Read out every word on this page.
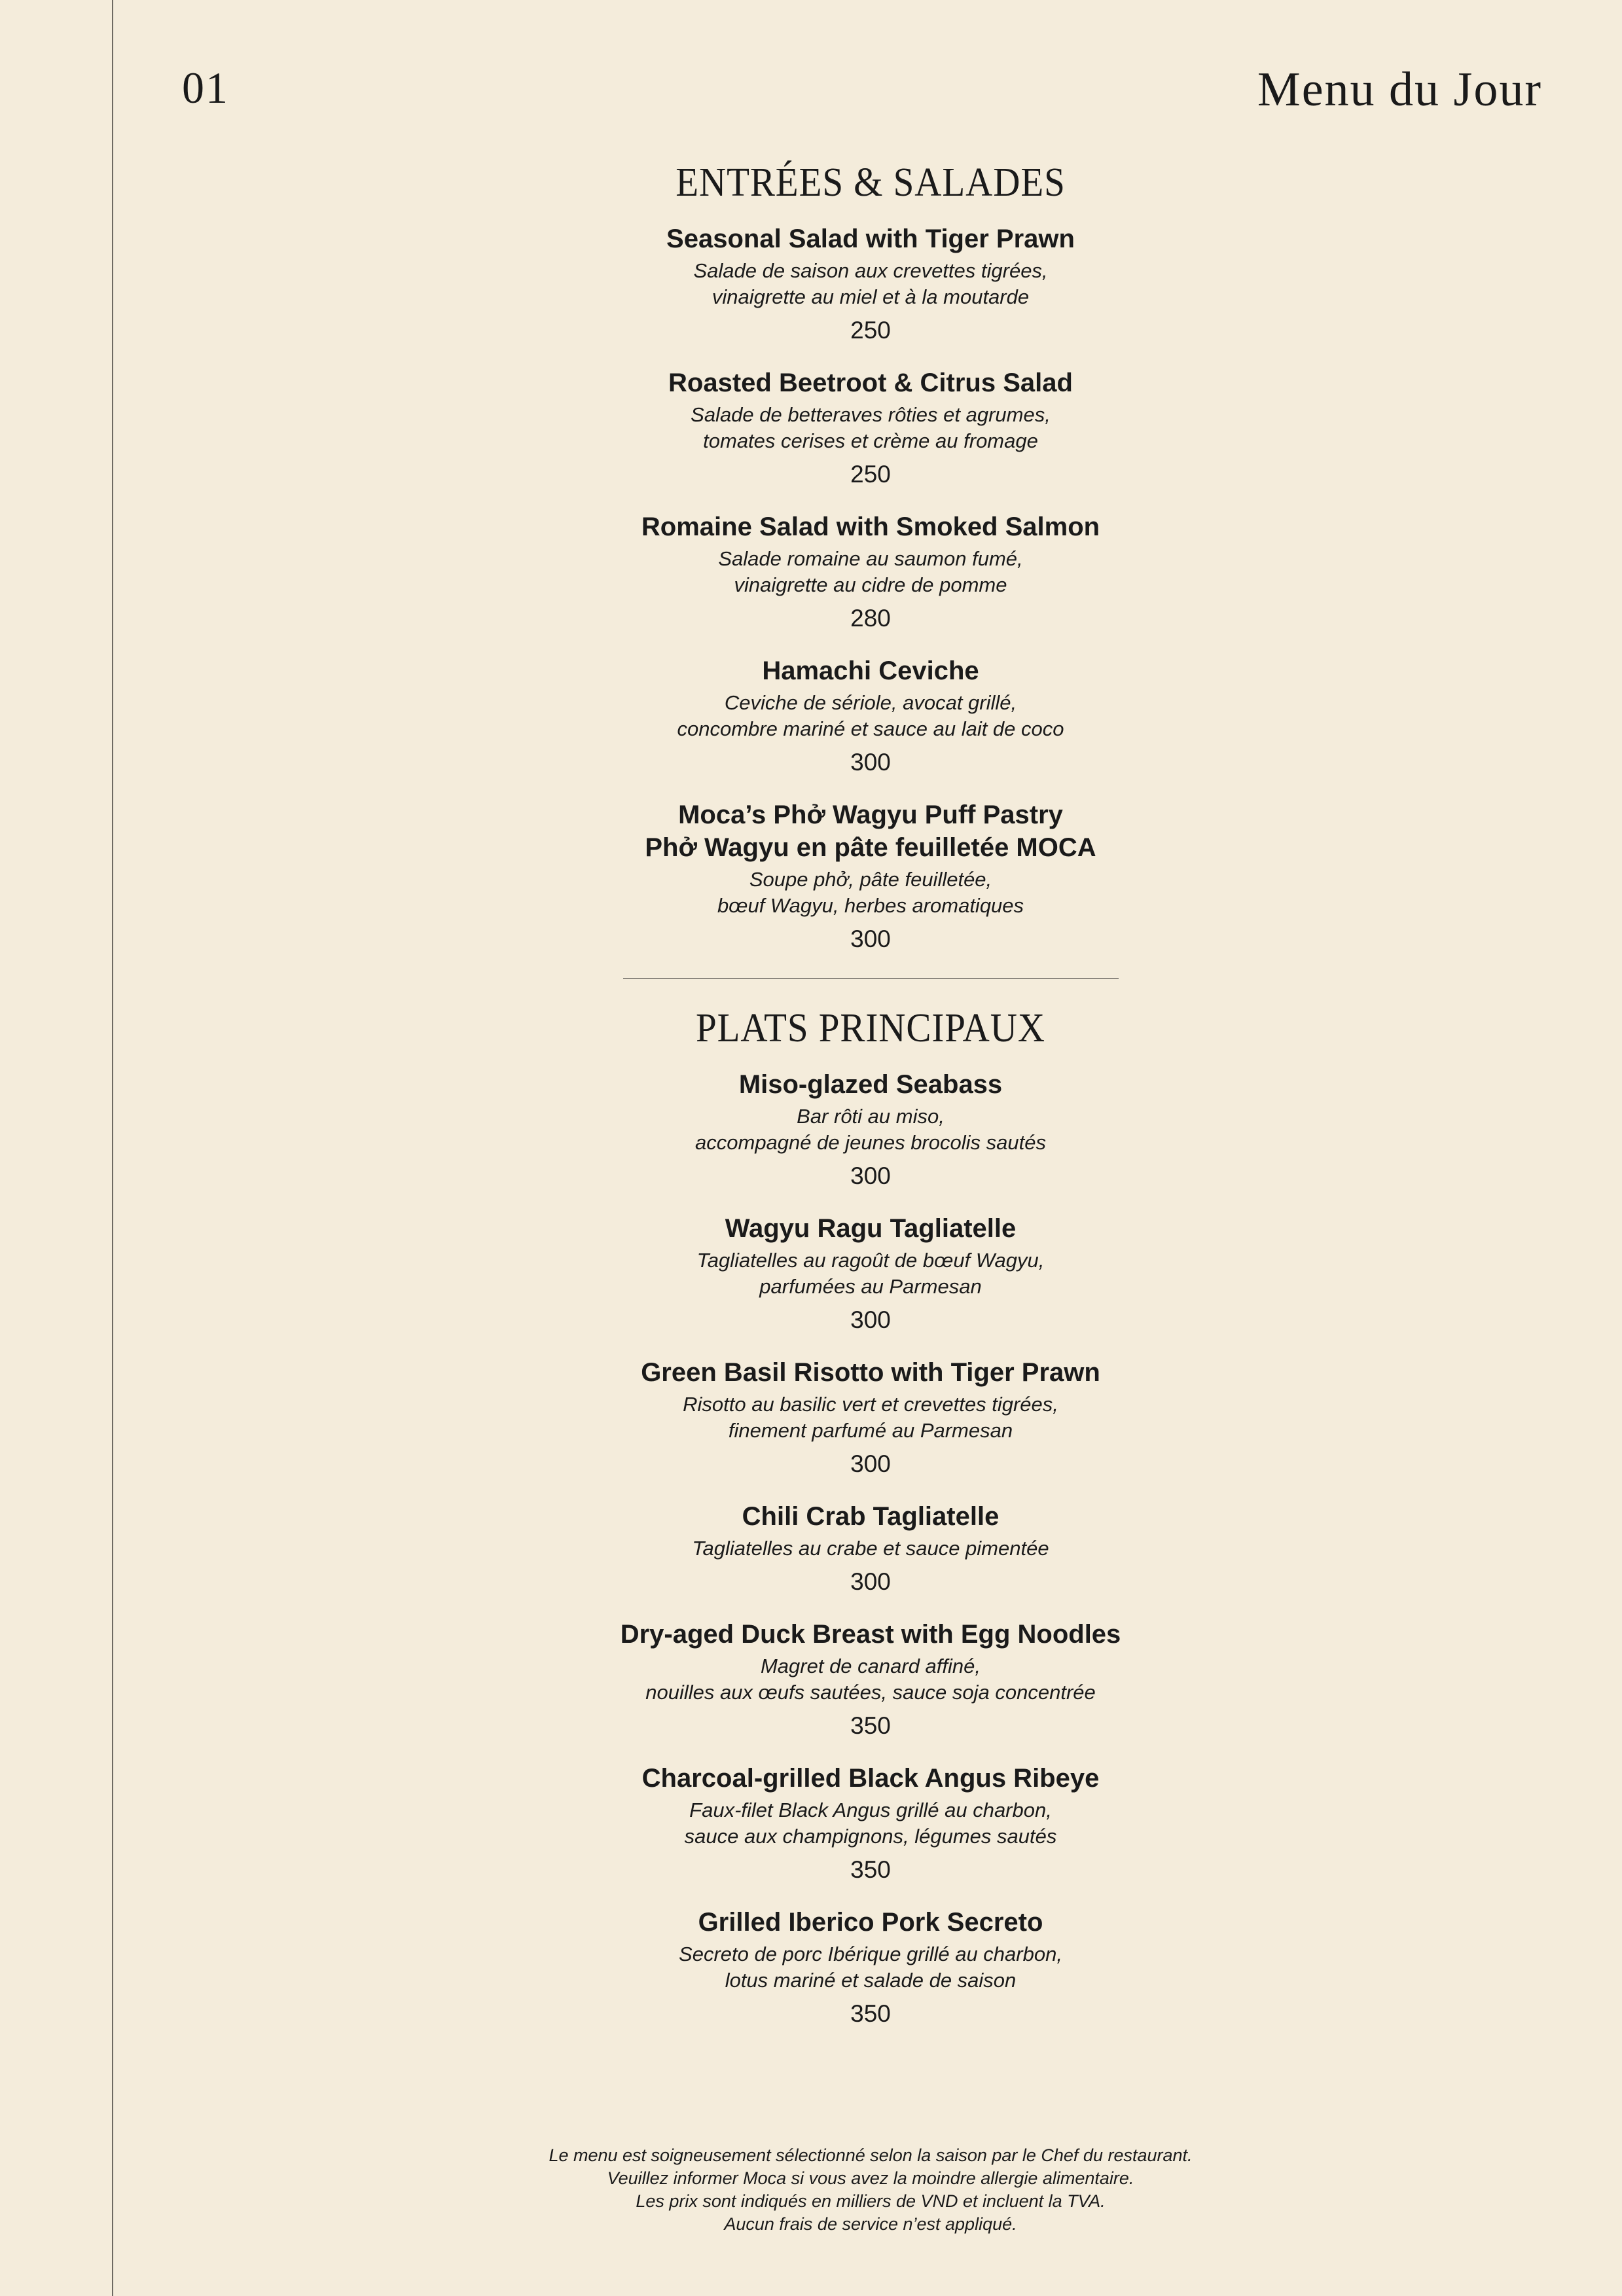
01	Menu du Jour
ENTRÉES & SALADES
Seasonal Salad with Tiger Prawn
Salade de saison aux crevettes tigrées,
vinaigrette au miel et à la moutarde
250
Roasted Beetroot & Citrus Salad
Salade de betteraves rôties et agrumes,
tomates cerises et crème au fromage
250
Romaine Salad with Smoked Salmon
Salade romaine au saumon fumé,
vinaigrette au cidre de pomme
280
Hamachi Ceviche
Ceviche de sériole, avocat grillé,
concombre mariné et sauce au lait de coco
300
Moca’s Phở Wagyu Puff Pastry
Phở Wagyu en pâte feuilletée MOCA
Soupe phở, pâte feuilletée,
bœuf Wagyu, herbes aromatiques
300
PLATS PRINCIPAUX
Miso-glazed Seabass
Bar rôti au miso,
accompagné de jeunes brocolis sautés
300
Wagyu Ragu Tagliatelle
Tagliatelles au ragoût de bœuf Wagyu,
parfumées au Parmesan
300
Green Basil Risotto with Tiger Prawn
Risotto au basilic vert et crevettes tigrées,
finement parfumé au Parmesan
300
Chili Crab Tagliatelle
Tagliatelles au crabe et sauce pimentée
300
Dry-aged Duck Breast with Egg Noodles
Magret de canard affiné,
nouilles aux œufs sautées, sauce soja concentrée
350
Charcoal-grilled Black Angus Ribeye
Faux-filet Black Angus grillé au charbon,
sauce aux champignons, légumes sautés
350
Grilled Iberico Pork Secreto
Secreto de porc Ibérique grillé au charbon,
lotus mariné et salade de saison
350
Le menu est soigneusement sélectionné selon la saison par le Chef du restaurant.
Veuillez informer Moca si vous avez la moindre allergie alimentaire.
Les prix sont indiqués en milliers de VND et incluent la TVA.
Aucun frais de service n’est appliqué.
